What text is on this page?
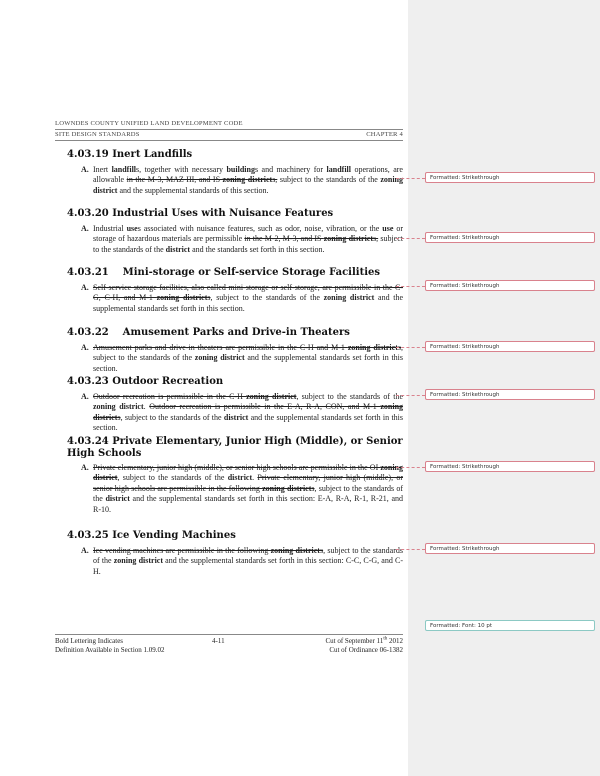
LOWNDES COUNTY UNIFIED LAND DEVELOPMENT CODE
SITE DESIGN STANDARDS	CHAPTER 4
4.03.19 Inert Landfills
A. Inert landfills, together with necessary buildings and machinery for landfill operations, are allowable in the M-3, MAZ III, and IS zoning districts, subject to the standards of the zoning district and the supplemental standards of this section.
4.03.20 Industrial Uses with Nuisance Features
A. Industrial uses associated with nuisance features, such as odor, noise, vibration, or the use or storage of hazardous materials are permissible in the M-2, M-3, and IS zoning districts, subject to the standards of the district and the standards set forth in this section.
4.03.21    Mini-storage or Self-service Storage Facilities
A. Self-service storage facilities, also called mini-storage or self-storage, are permissible in the C-G, C-H, and M-1 zoning districts, subject to the standards of the zoning district and the supplemental standards set forth in this section.
4.03.22    Amusement Parks and Drive-in Theaters
A. Amusement parks and drive-in theaters are permissible in the C-H and M-1 zoning districts, subject to the standards of the zoning district and the supplemental standards set forth in this section.
4.03.23 Outdoor Recreation
A. Outdoor recreation is permissible in the C-H zoning district, subject to the standards of the zoning district. Outdoor recreation is permissible in the E-A, R-A, CON, and M-1 zoning districts, subject to the standards of the district and the supplemental standards set forth in this section.
4.03.24 Private Elementary, Junior High (Middle), or Senior High Schools
A. Private elementary, junior high (middle), or senior high schools are permissible in the OI zoning district, subject to the standards of the district. Private elementary, junior high (middle), or senior high schools are permissible in the following zoning districts, subject to the standards of the district and the supplemental standards set forth in this section: E-A, R-A, R-1, R-21, and R-10.
4.03.25 Ice Vending Machines
A. Ice vending machines are permissible in the following zoning districts, subject to the standards of the zoning district and the supplemental standards set forth in this section: C-C, C-G, and C-H.
Formatted: Strikethrough
Formatted: Strikethrough
Formatted: Strikethrough
Formatted: Strikethrough
Formatted: Strikethrough
Formatted: Strikethrough
Formatted: Strikethrough
Formatted: Font: 10 pt
Bold Lettering Indicates
Definition Available in Section 1.09.02
4-11	Cut of September 11th 2012
Cut of Ordinance 06-1382
